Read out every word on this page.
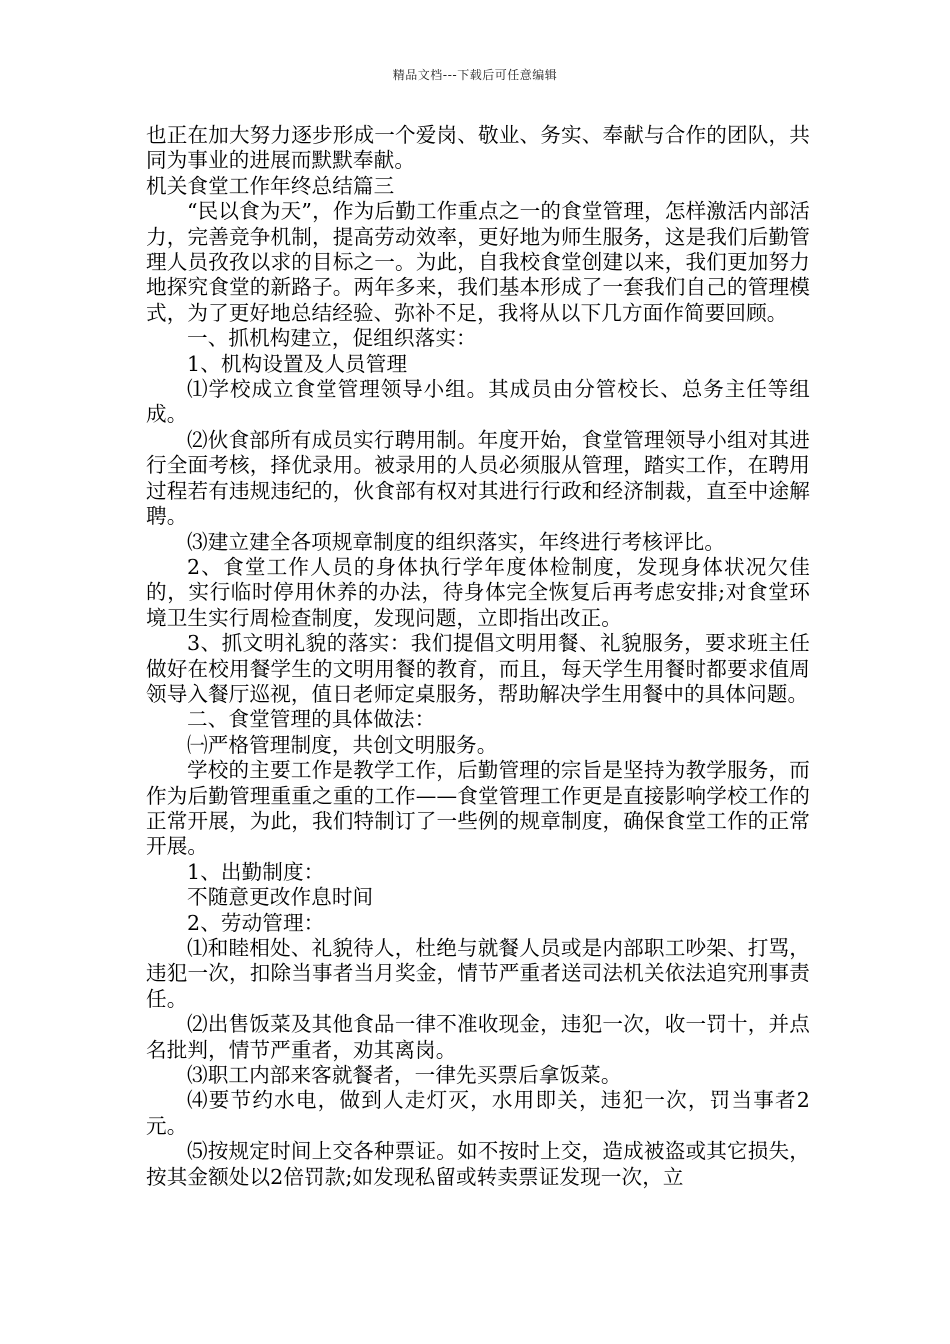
精品文档---下载后可任意编辑

也正在加大努力逐步形成一个爱岗、敬业、务实、奉献与合作的团队，共同为事业的进展而默默奉献。

机关食堂工作年终总结篇三

“民以食为天”，作为后勤工作重点之一的食堂管理，怎样激活内部活力，完善竞争机制，提高劳动效率，更好地为师生服务，这是我们后勤管理人员孜孜以求的目标之一。为此，自我校食堂创建以来，我们更加努力地探究食堂的新路子。两年多来，我们基本形成了一套我们自己的管理模式，为了更好地总结经验、弥补不足，我将从以下几方面作简要回顾。

一、抓机构建立，促组织落实：

1、机构设置及人员管理

⑴学校成立食堂管理领导小组。其成员由分管校长、总务主任等组成。

⑵伙食部所有成员实行聘用制。年度开始，食堂管理领导小组对其进行全面考核，择优录用。被录用的人员必须服从管理，踏实工作，在聘用过程若有违规违纪的，伙食部有权对其进行行政和经济制裁，直至中途解聘。

⑶建立建全各项规章制度的组织落实，年终进行考核评比。

2、食堂工作人员的身体执行学年度体检制度，发现身体状况欠佳的，实行临时停用休养的办法，待身体完全恢复后再考虑安排;对食堂环境卫生实行周检查制度，发现问题，立即指出改正。

3、抓文明礼貌的落实：我们提倡文明用餐、礼貌服务，要求班主任做好在校用餐学生的文明用餐的教育，而且，每天学生用餐时都要求值周领导入餐厅巡视，值日老师定桌服务，帮助解决学生用餐中的具体问题。

二、食堂管理的具体做法：

㈠严格管理制度，共创文明服务。

学校的主要工作是教学工作，后勤管理的宗旨是坚持为教学服务，而作为后勤管理重重之重的工作——食堂管理工作更是直接影响学校工作的正常开展，为此，我们特制订了一些例的规章制度，确保食堂工作的正常开展。

1、出勤制度：

不随意更改作息时间

2、劳动管理：

⑴和睦相处、礼貌待人，杜绝与就餐人员或是内部职工吵架、打骂，违犯一次，扣除当事者当月奖金，情节严重者送司法机关依法追究刑事责任。

⑵出售饭菜及其他食品一律不准收现金，违犯一次，收一罚十，并点名批判，情节严重者，劝其离岗。

⑶职工内部来客就餐者，一律先买票后拿饭菜。

⑷要节约水电，做到人走灯灭，水用即关，违犯一次，罚当事者2元。

⑸按规定时间上交各种票证。如不按时上交，造成被盗或其它损失，按其金额处以2倍罚款;如发现私留或转卖票证发现一次，立
